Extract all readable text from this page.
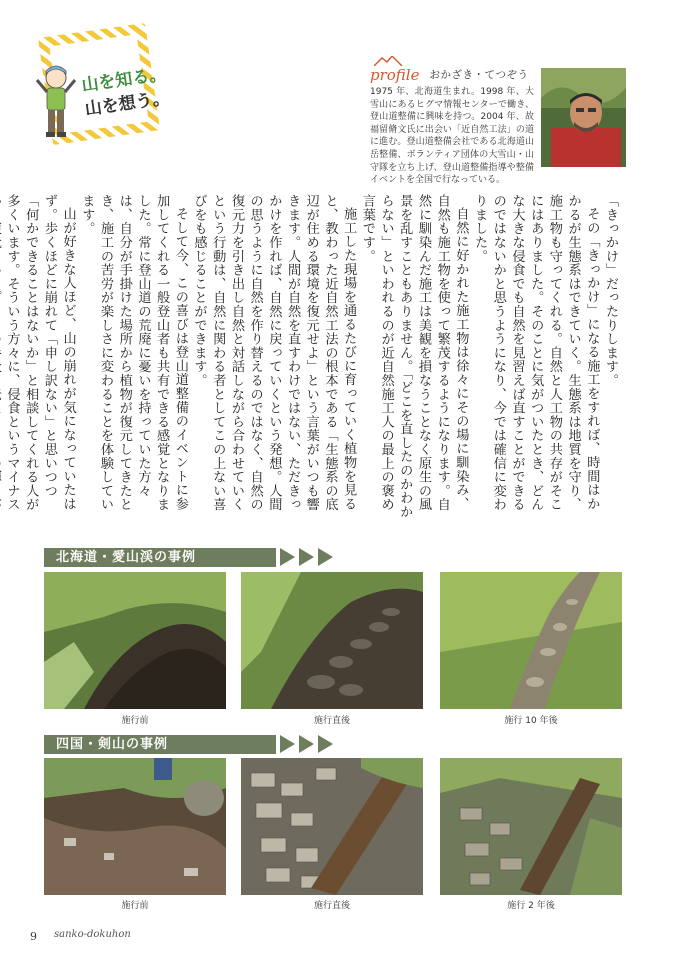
山を知る。
山を想う。
profile おかざき・てつぞう
1975 年、北海道生まれ。1998 年、大雪山にあるヒグマ情報センターで働き、登山道整備に興味を持つ。2004 年、故福留脩文氏に出会い「近自然工法」の道に進む。登山道整備会社である北海道山岳整備、ボランティア団体の大雪山・山守隊を立ち上げ、登山道整備指導や整備イベントを全国で行なっている。

「きっかけ」だったりします。

その「きっかけ」になる施工をすれば、時間はかかるが生態系はできていく。生態系は地質を守り、施工物も守ってくれる。自然と人工物の共存がそこにはありました。そのことに気がついたとき、どんな大きな侵食でも自然を見習えば直すことができるのではないかと思うようになり、今では確信に変わりました。

自然に好かれた施工物は徐々にその場に馴染み、自然も施工物を使って繁茂するようになります。自然に馴染んだ施工は美観を損なうことなく原生の風景を乱すこともありません。「どこを直したのかわからない」といわれるのが近自然施工人の最上の褒め言葉です。

施工した現場を通るたびに育っていく植物を見ると、教わった近自然工法の根本である「生態系の底辺が住める環境を復元せよ」という言葉がいつも響きます。人間が自然を直すわけではない、ただきっかけを作れば、自然に戻っていくという発想。人間の思うように自然を作り替えるのではなく、自然の復元力を引き出し自然と対話しながら合わせていくという行動は、自然に関わる者としてこの上ない喜びをも感じることができます。

そして今、この喜びは登山道整備のイベントに参加してくれる一般登山者も共有できる感覚となりました。常に登山道の荒廃に憂いを持っていた方々は、自分が手掛けた場所から植物が復元してきたとき、施工の苦労が楽しさに変わることを体験しています。

山が好きな人ほど、山の崩れが気になっていたはず。歩くほどに崩れて「申し訳ない」と思いつつ「何かできることはないか」と相談してくれる人が多くいます。そういう方々に、侵食というマイナス

北海道・愛山渓の事例
施行前	施行直後	施行 10 年後
四国・剣山の事例
施行前	施行直後	施行 2 年後
9 sanko-dokuhon
